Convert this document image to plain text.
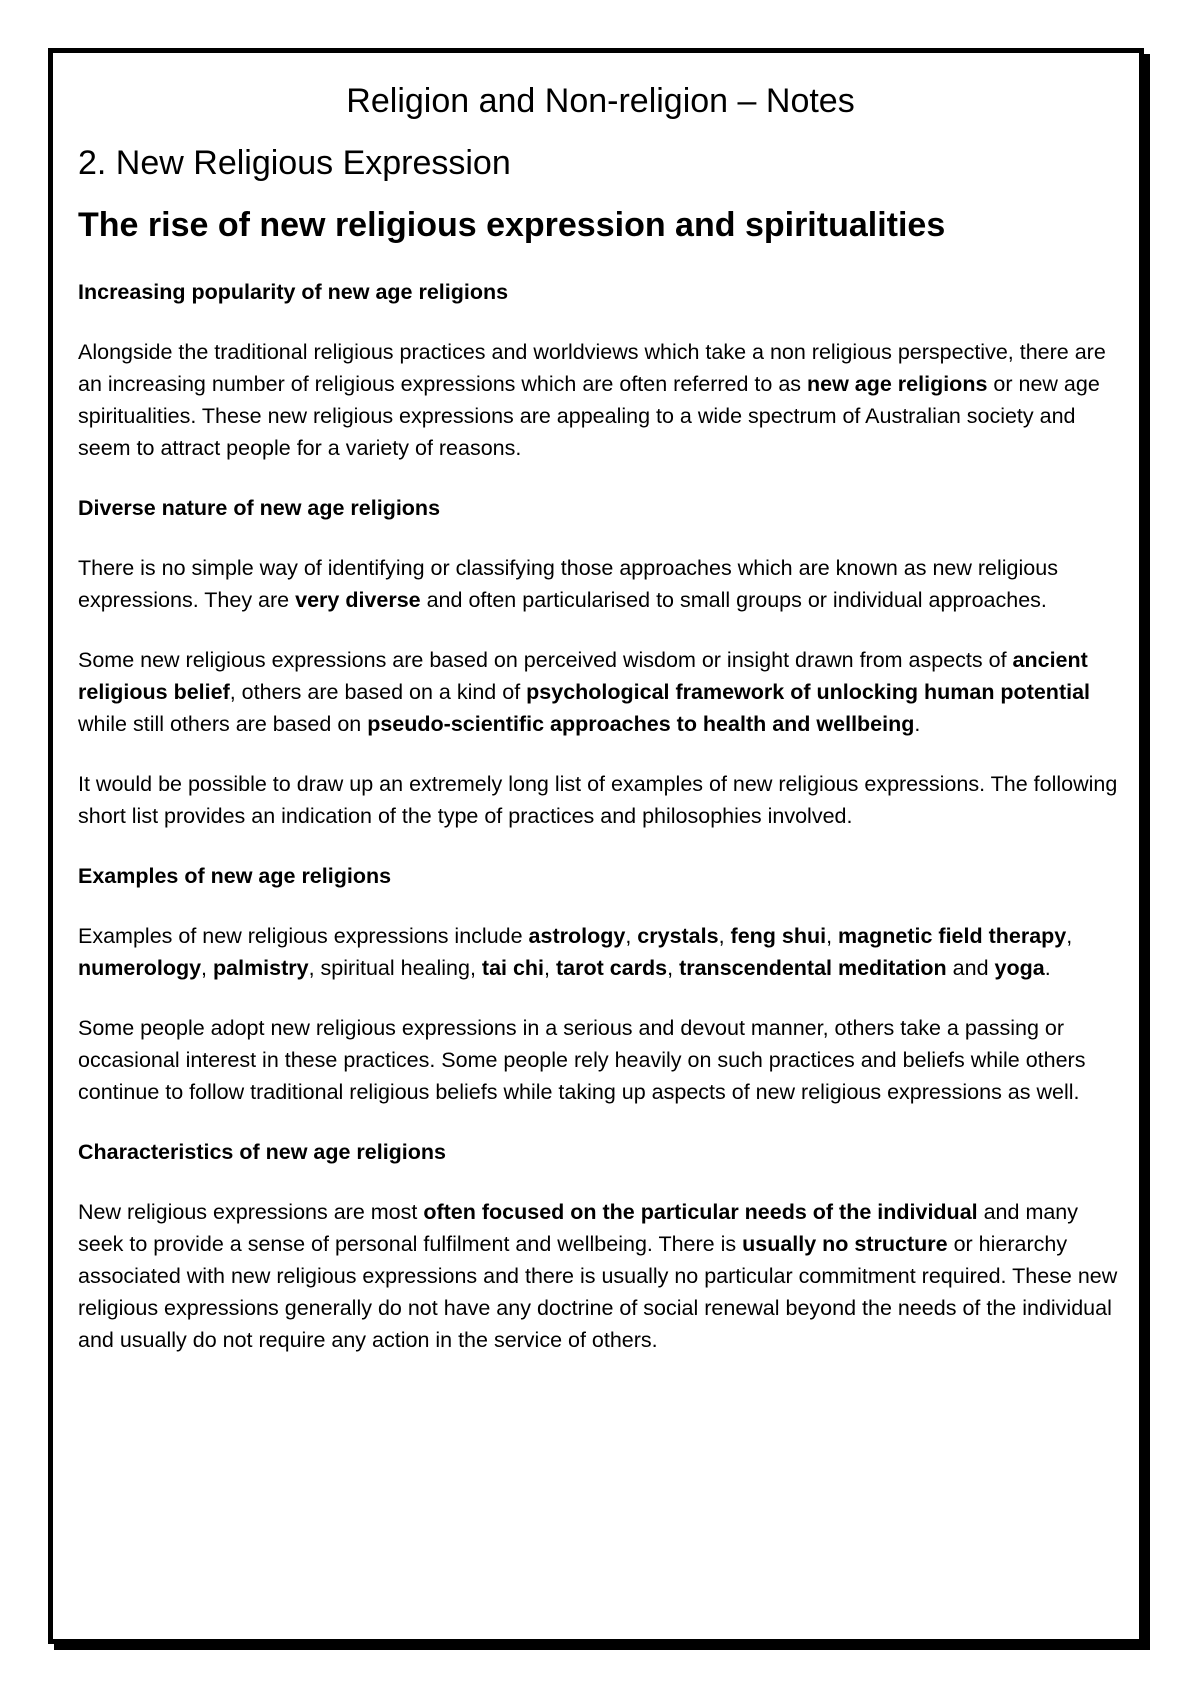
Religion and Non-religion – Notes
2. New Religious Expression
The rise of new religious expression and spiritualities
Increasing popularity of new age religions

Alongside the traditional religious practices and worldviews which take a non religious perspective, there are an increasing number of religious expressions which are often referred to as new age religions or new age spiritualities. These new religious expressions are appealing to a wide spectrum of Australian society and seem to attract people for a variety of reasons.

Diverse nature of new age religions

There is no simple way of identifying or classifying those approaches which are known as new religious expressions. They are very diverse and often particularised to small groups or individual approaches.

Some new religious expressions are based on perceived wisdom or insight drawn from aspects of ancient religious belief, others are based on a kind of psychological framework of unlocking human potential while still others are based on pseudo-scientific approaches to health and wellbeing.

It would be possible to draw up an extremely long list of examples of new religious expressions. The following short list provides an indication of the type of practices and philosophies involved.

Examples of new age religions

Examples of new religious expressions include astrology, crystals, feng shui, magnetic field therapy, numerology, palmistry, spiritual healing, tai chi, tarot cards, transcendental meditation and yoga.

Some people adopt new religious expressions in a serious and devout manner, others take a passing or occasional interest in these practices. Some people rely heavily on such practices and beliefs while others continue to follow traditional religious beliefs while taking up aspects of new religious expressions as well.

Characteristics of new age religions

New religious expressions are most often focused on the particular needs of the individual and many seek to provide a sense of personal fulfilment and wellbeing. There is usually no structure or hierarchy associated with new religious expressions and there is usually no particular commitment required. These new religious expressions generally do not have any doctrine of social renewal beyond the needs of the individual and usually do not require any action in the service of others.
